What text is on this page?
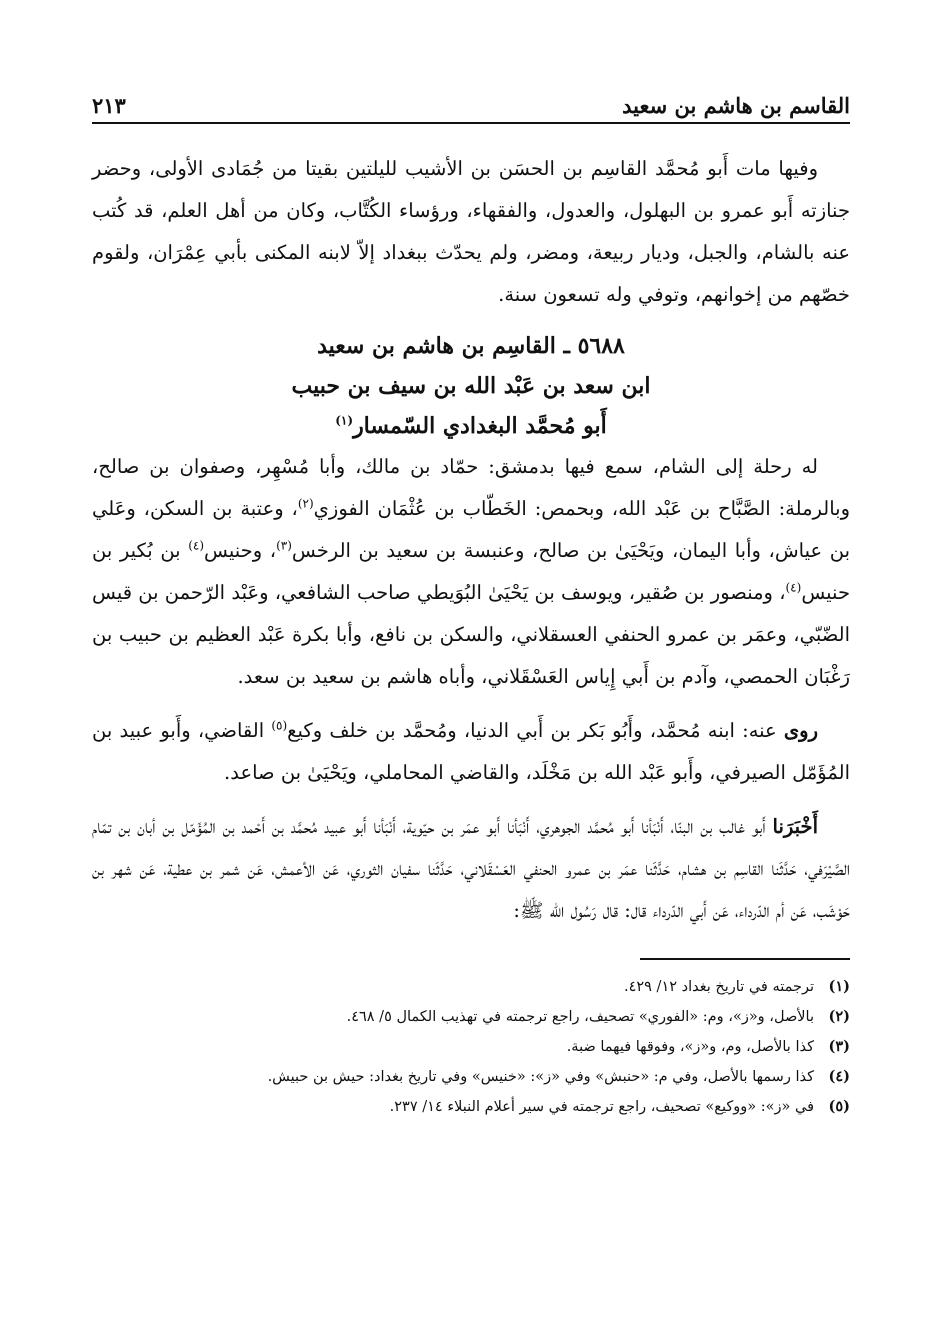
القاسم بن هاشم بن سعيد
٢١٣

وفيها مات أَبو مُحمَّد القاسِم بن الحسَن بن الأشيب لليلتين بقيتا من جُمَادى الأولى، وحضر جنازته أَبو عمرو بن البهلول، والعدول، والفقهاء، ورؤساء الكُتَّاب، وكان من أهل العلم، قد كُتب عنه بالشام، والجبل، وديار ربيعة، ومضر، ولم يحدّث ببغداد إلاّ لابنه المكنى بأبي عِمْرَان، ولقوم خصّهم من إخوانهم، وتوفي وله تسعون سنة.

٥٦٨٨ ـ القاسِم بن هاشم بن سعيد
ابن سعد بن عَبْد الله بن سيف بن حبيب
أَبو مُحمَّد البغدادي السّمسار$^{(١)}$

له رحلة إلى الشام، سمع فيها بدمشق: حمّاد بن مالك، وأبا مُسْهِر، وصفوان بن صالح، وبالرملة: الصَّبَّاح بن عَبْد الله، وبحمص: الخَطّاب بن عُثْمَان الفوزي$^{(٢)}$، وعتبة بن السكن، وعَلي بن عياش، وأبا اليمان، ويَحْيَىٰ بن صالح، وعنبسة بن سعيد بن الرخس$^{(٣)}$، وحنيس$^{(٤)}$ بن بُكير بن حنيس$^{(٤)}$، ومنصور بن صُقير، ويوسف بن يَحْيَىٰ البُوَيطي صاحب الشافعي، وعَبْد الرّحمن بن قيس الضّبّي، وعمَر بن عمرو الحنفي العسقلاني، والسكن بن نافع، وأبا بكرة عَبْد العظيم بن حبيب بن رَغْبَان الحمصي، وآدم بن أَبي إِياس العَسْقَلاني، وأباه هاشم بن سعيد بن سعد.

روى عنه: ابنه مُحمَّد، وأَبُو بَكر بن أَبي الدنيا، ومُحمَّد بن خلف وكيع$^{(٥)}$ القاضي، وأَبو عبيد بن المُؤَمّل الصيرفي، وأَبو عَبْد الله بن مَخْلَد، والقاضي المحاملي، ويَحْيَىٰ بن صاعد.

أَخْبَرَنا أَبو غالب بن البنّا، أَنْبَأنا أَبو مُحمَّد الجوهري، أَنْبَأنا أَبو عمَر بن حيّوية، أَنْبَأنا أَبو عبيد مُحمَّد بن أَحْمد بن المُؤَمّل بن أبان بن تمّام الصَّيْرَفي، حَدَّثَنا القاسِم بن هشام، حَدَّثَنا عمَر بن عمرو الحنفي العَسْقَلاني، حَدَّثَنا سفيان الثوري، عَن الأعمش، عَن شمر بن عطية، عَن شهر بن حَوْشَب، عَن أم الدّرداء، عَن أَبي الدّرداء قال: قال رَسُول الله ﷺ:

(١)
ترجمته في تاريخ بغداد ١٢/ ٤٢٩.
(٢)
بالأصل، و«ز»، وم: «الفوري» تصحيف، راجع ترجمته في تهذيب الكمال ٥/ ٤٦٨.
(٣)
كذا بالأصل، وم، و«ز»، وفوقها فيهما ضبة.
(٤)
كذا رسمها بالأصل، وفي م: «حنبش» وفي «ز»: «خنيس» وفي تاريخ بغداد: حيش بن حبيش.
(٥)
في «ز»: «ووكيع» تصحيف، راجع ترجمته في سير أعلام النبلاء ١٤/ ٢٣٧.
